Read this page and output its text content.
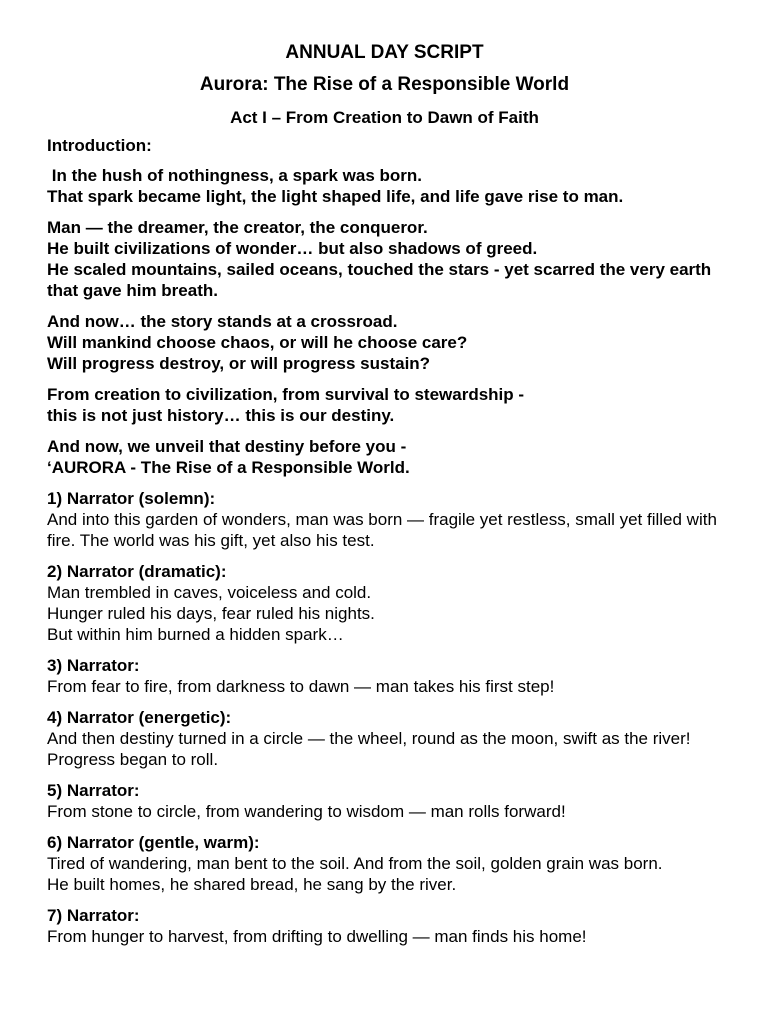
ANNUAL DAY SCRIPT
Aurora: The Rise of a Responsible World
Act I – From Creation to Dawn of Faith
Introduction:
In the hush of nothingness, a spark was born.
That spark became light, the light shaped life, and life gave rise to man.
Man — the dreamer, the creator, the conqueror.
He built civilizations of wonder… but also shadows of greed.
He scaled mountains, sailed oceans, touched the stars - yet scarred the very earth that gave him breath.
And now… the story stands at a crossroad.
Will mankind choose chaos, or will he choose care?
Will progress destroy, or will progress sustain?
From creation to civilization, from survival to stewardship -
this is not just history… this is our destiny.
And now, we unveil that destiny before you -
‘AURORA - The Rise of a Responsible World.
1) Narrator (solemn):
And into this garden of wonders, man was born — fragile yet restless, small yet filled with fire. The world was his gift, yet also his test.
2) Narrator (dramatic):
Man trembled in caves, voiceless and cold.
Hunger ruled his days, fear ruled his nights.
But within him burned a hidden spark…
3) Narrator:
From fear to fire, from darkness to dawn — man takes his first step!
4) Narrator (energetic):
And then destiny turned in a circle — the wheel, round as the moon, swift as the river! Progress began to roll.
5) Narrator:
From stone to circle, from wandering to wisdom — man rolls forward!
6) Narrator (gentle, warm):
Tired of wandering, man bent to the soil. And from the soil, golden grain was born.
He built homes, he shared bread, he sang by the river.
7) Narrator:
From hunger to harvest, from drifting to dwelling — man finds his home!
